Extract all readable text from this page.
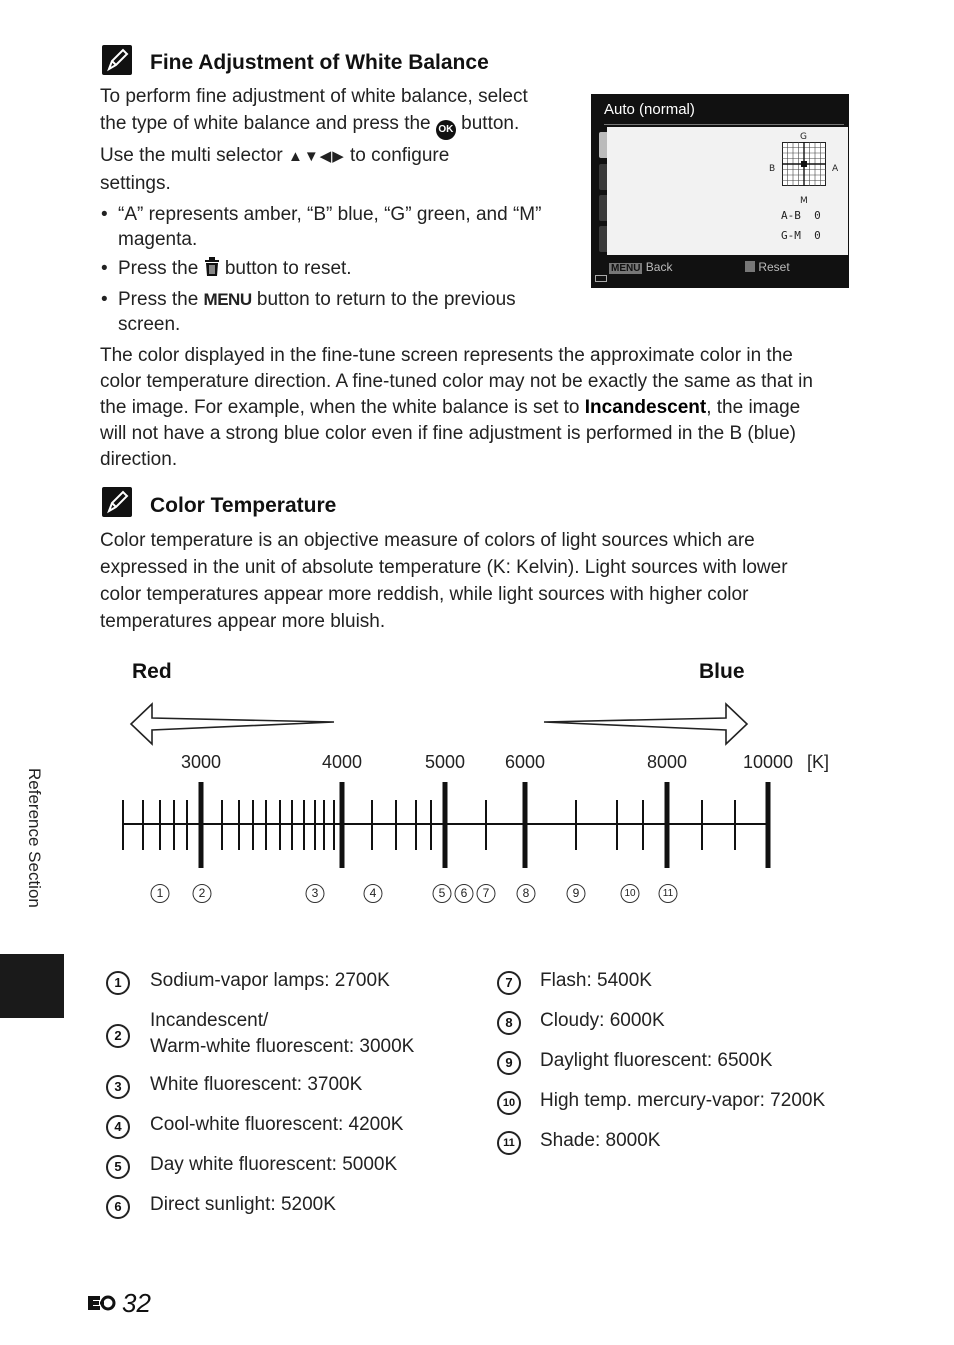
Fine Adjustment of White Balance
To perform fine adjustment of white balance, select
the type of white balance and press the OK button.
Use the multi selector ▲▼◀▶ to configure
settings.
• “A” represents amber, “B” blue, “G” green, and “M”
magenta.
• Press the button to reset.
• Press the MENU button to return to the previous
screen.
Auto (normal)
G
B	A
M
A-B 0
G-M 0
MENU Back	Reset
The color displayed in the fine-tune screen represents the approximate color in the
color temperature direction. A fine-tuned color may not be exactly the same as that in
the image. For example, when the white balance is set to Incandescent, the image
will not have a strong blue color even if fine adjustment is performed in the B (blue)
direction.
Color Temperature
Color temperature is an objective measure of colors of light sources which are
expressed in the unit of absolute temperature (K: Kelvin). Light sources with lower
color temperatures appear more reddish, while light sources with higher color
temperatures appear more bluish.
Red	Blue
3000	4000	5000 6000	8000	10000 [K]
1	2	3	4	5	6	7	8	9	10	11
1	Sodium-vapor lamps: 2700K
2
Incandescent/
Warm-white fluorescent: 3000K
3	White fluorescent: 3700K
4	Cool-white fluorescent: 4200K
5	Day white fluorescent: 5000K
6	Direct sunlight: 5200K
7	Flash: 5400K
8	Cloudy: 6000K
9	Daylight fluorescent: 6500K
10	High temp. mercury-vapor: 7200K
11	Shade: 8000K
Reference Section
32
